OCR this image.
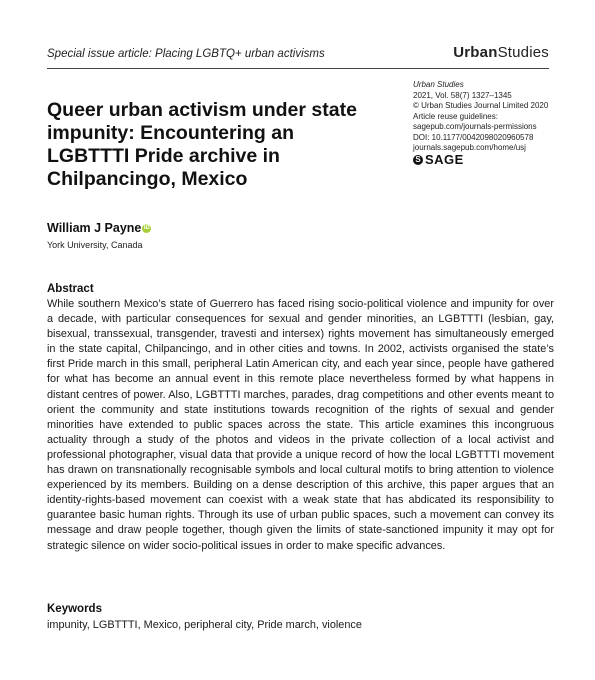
Special issue article: Placing LGBTQ+ urban activisms	UrbanStudies
Queer urban activism under state impunity: Encountering an LGBTTTI Pride archive in Chilpancingo, Mexico
Urban Studies
2021, Vol. 58(7) 1327–1345
© Urban Studies Journal Limited 2020
Article reuse guidelines:
sagepub.com/journals-permissions
DOI: 10.1177/0042098020960578
journals.sagepub.com/home/usj
S SAGE
William J Payne iD
York University, Canada
Abstract

While southern Mexico’s state of Guerrero has faced rising socio-political violence and impunity for over a decade, with particular consequences for sexual and gender minorities, an LGBTTTI (lesbian, gay, bisexual, transsexual, transgender, travesti and intersex) rights movement has simultaneously emerged in the state capital, Chilpancingo, and in other cities and towns. In 2002, activists organised the state’s first Pride march in this small, peripheral Latin American city, and each year since, people have gathered for what has become an annual event in this remote place nevertheless formed by what happens in distant centres of power. Also, LGBTTTI marches, parades, drag competitions and other events meant to orient the community and state institutions towards recognition of the rights of sexual and gender minorities have extended to public spaces across the state. This article examines this incongruous actuality through a study of the photos and videos in the private collection of a local activist and professional photographer, visual data that provide a unique record of how the local LGBTTTI movement has drawn on transnationally recognisable symbols and local cultural motifs to bring attention to violence experienced by its members. Building on a dense description of this archive, this paper argues that an identity-rights-based movement can coexist with a weak state that has abdicated its responsibility to guarantee basic human rights. Through its use of urban public spaces, such a movement can convey its message and draw people together, though given the limits of state-sanctioned impunity it may opt for strategic silence on wider socio-political issues in order to make specific advances.

Keywords
impunity, LGBTTTI, Mexico, peripheral city, Pride march, violence
